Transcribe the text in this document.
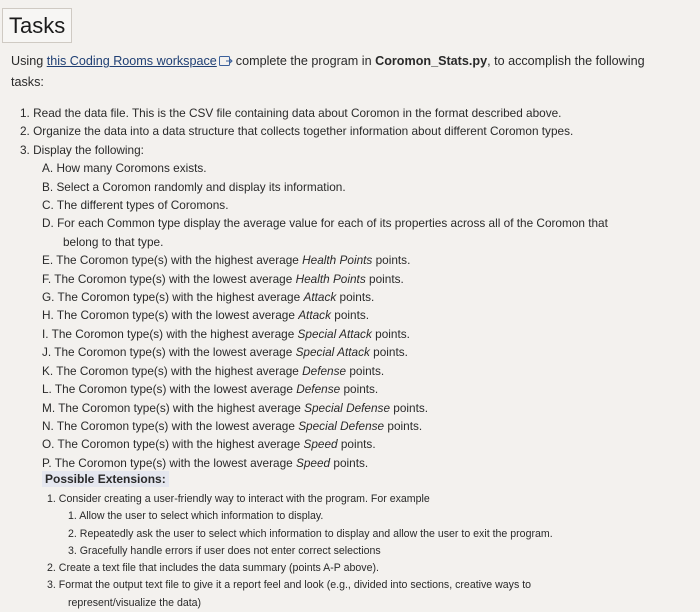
Tasks
Using this Coding Rooms workspace complete the program in Coromon_Stats.py, to accomplish the following
tasks:
1. Read the data file. This is the CSV file containing data about Coromon in the format described above.
2. Organize the data into a data structure that collects together information about different Coromon types.
3. Display the following:
A. How many Coromons exists.
B. Select a Coromon randomly and display its information.
C. The different types of Coromons.
D. For each Common type display the average value for each of its properties across all of the Coromon that
belong to that type.
E. The Coromon type(s) with the highest average Health Points points.
F. The Coromon type(s) with the lowest average Health Points points.
G. The Coromon type(s) with the highest average Attack points.
H. The Coromon type(s) with the lowest average Attack points.
I. The Coromon type(s) with the highest average Special Attack points.
J. The Coromon type(s) with the lowest average Special Attack points.
K. The Coromon type(s) with the highest average Defense points.
L. The Coromon type(s) with the lowest average Defense points.
M. The Coromon type(s) with the highest average Special Defense points.
N. The Coromon type(s) with the lowest average Special Defense points.
O. The Coromon type(s) with the highest average Speed points.
P. The Coromon type(s) with the lowest average Speed points.
Possible Extensions:
1. Consider creating a user-friendly way to interact with the program. For example
1. Allow the user to select which information to display.
2. Repeatedly ask the user to select which information to display and allow the user to exit the program.
3. Gracefully handle errors if user does not enter correct selections
2. Create a text file that includes the data summary (points A-P above).
3. Format the output text file to give it a report feel and look (e.g., divided into sections, creative ways to
represent/visualize the data)
